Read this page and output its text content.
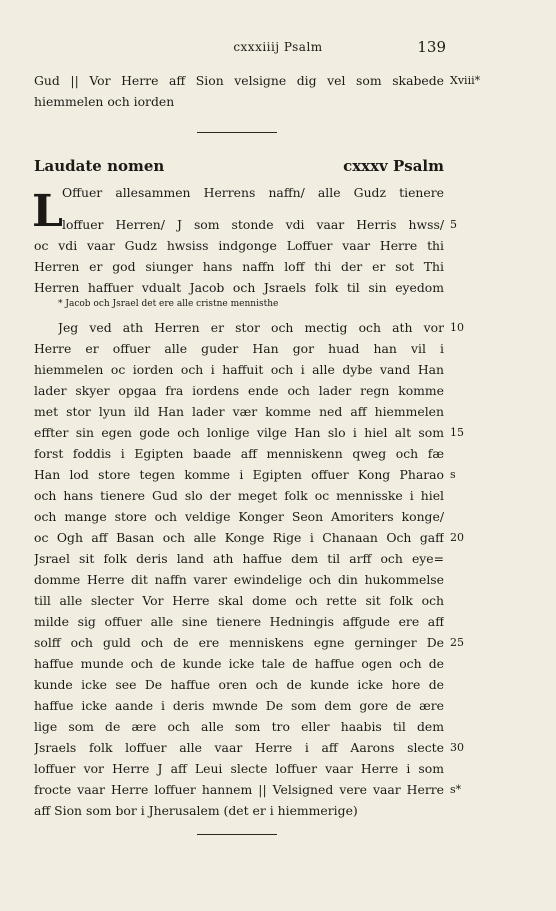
cxxxiiij Psalm	139
Gud || Vor Herre aff Sion velsigne dig vel som skabede Xviii*
hiemmelen och iorden
Laudate nomen	cxxxv Psalm
L Offuer allesammen Herrens naffn/ alle Gudz tienere
loffuer Herren/ J som stonde vdi vaar Herris hwss/ 5
oc vdi vaar Gudz hwsiss indgonge Loffuer vaar Herre thi
Herren er god siunger hans naffn loff thi der er sot Thi
Herren haffuer vdualt Jacob och Jsraels folk til sin eyedom
* Jacob och Jsrael det ere alle cristne mennisthe
Jeg ved ath Herren er stor och mectig och ath vor 10
Herre er offuer alle guder Han gor huad han vil i
hiemmelen oc iorden och i haffuit och i alle dybe vand Han
lader skyer opgaa fra iordens ende och lader regn komme
met stor lyun ild Han lader vær komme ned aff hiemmelen
effter sin egen gode och lonlige vilge Han slo i hiel alt som 15
forst foddis i Egipten baade aff menniskenn qweg och fæ
Han lod store tegen komme i Egipten offuer Kong Pharao s
och hans tienere Gud slo der meget folk oc mennisske i hiel
och mange store och veldige Konger Seon Amoriters konge/
oc Ogh aff Basan och alle Konge Rige i Chanaan Och gaff 20
Jsrael sit folk deris land ath haffue dem til arff och eye=
domme Herre dit naffn varer ewindelige och din hukommelse
till alle slecter Vor Herre skal dome och rette sit folk och
milde sig offuer alle sine tienere Hedningis affgude ere aff
solff och guld och de ere menniskens egne gerninger De 25
haffue munde och de kunde icke tale de haffue ogen och de
kunde icke see De haffue oren och de kunde icke hore de
haffue icke aande i deris mwnde De som dem gore de ære
lige som de ære och alle som tro eller haabis til dem
Jsraels folk loffuer alle vaar Herre i aff Aarons slecte 30
loffuer vor Herre J aff Leui slecte loffuer vaar Herre i som
frocte vaar Herre loffuer hannem || Velsigned vere vaar Herre s*
aff Sion som bor i Jherusalem (det er i hiemmerige)
